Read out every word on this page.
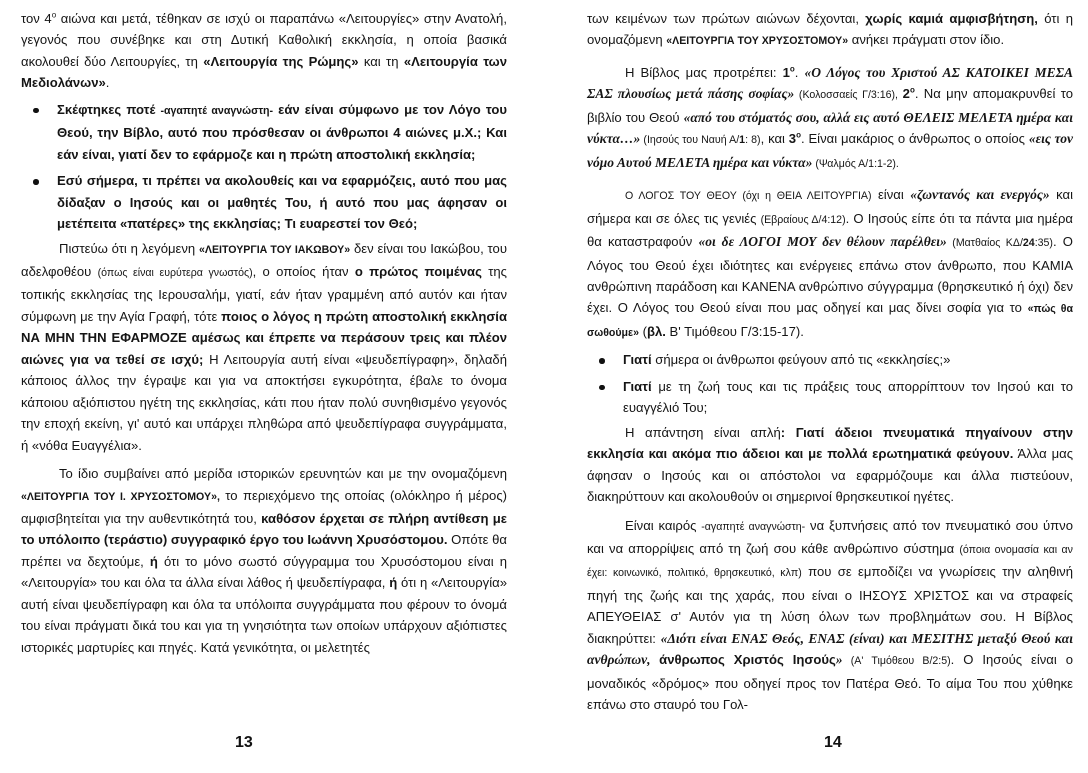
τον $4^o$ αιώνα και μετά, τέθηκαν σε ισχύ οι παραπάνω «Λειτουργίες» στην Ανατολή, γεγονός που συνέβηκε και στη Δυτική Καθολική εκκλησία, η οποία βασικά ακολουθεί δύο Λειτουργίες, τη «Λειτουργία της Ρώμης» και τη «Λειτουργία των Μεδιολάνων».

Σκέφτηκες ποτέ -αγαπητέ αναγνώστη- εάν είναι σύμφωνο με τον Λόγο του Θεού, την Βίβλο, αυτό που πρόσθεσαν οι άνθρωποι 4 αιώνες μ.Χ.; Και εάν είναι, γιατί δεν το εφάρμοζε και η πρώτη αποστολική εκκλησία;
Εσύ σήμερα, τι πρέπει να ακολουθείς και να εφαρμόζεις, αυτό που μας δίδαξαν ο Ιησούς και οι μαθητές Του, ή αυτό που μας άφησαν οι μετέπειτα «πατέρες» της εκκλησίας; Τι ευαρεστεί τον Θεό;

Πιστεύω ότι η λεγόμενη «ΛΕΙΤΟΥΡΓΙΑ ΤΟΥ ΙΑΚΩΒΟΥ» δεν είναι του Ιακώβου, του αδελφοθέου (όπως είναι ευρύτερα γνωστός), ο οποίος ήταν ο πρώτος ποιμένας της τοπικής εκκλησίας της Ιερουσαλήμ, γιατί, εάν ήταν γραμμένη από αυτόν και ήταν σύμφωνη με την Αγία Γραφή, τότε ποιος ο λόγος η πρώτη αποστολική εκκλησία ΝΑ ΜΗΝ ΤΗΝ ΕΦΑΡΜΟΖΕ αμέσως και έπρεπε να περάσουν τρεις και πλέον αιώνες για να τεθεί σε ισχύ; Η Λειτουργία αυτή είναι «ψευδεπίγραφη», δηλαδή κάποιος άλλος την έγραψε και για να αποκτήσει εγκυρότητα, έβαλε το όνομα κάποιου αξιόπιστου ηγέτη της εκκλησίας, κάτι που ήταν πολύ συνηθισμένο γεγονός την εποχή εκείνη, γι' αυτό και υπάρχει πληθώρα από ψευδεπίγραφα συγγράμματα, ή «νόθα Ευαγγέλια».

Το ίδιο συμβαίνει από μερίδα ιστορικών ερευνητών και με την ονομαζόμενη «ΛΕΙΤΟΥΡΓΙΑ ΤΟΥ Ι. ΧΡΥΣΟΣΤΟΜΟΥ», το περιεχόμενο της οποίας (ολόκληρο ή μέρος) αμφισβητείται για την αυθεντικότητά του, καθόσον έρχεται σε πλήρη αντίθεση με το υπόλοιπο (τεράστιο) συγγραφικό έργο του Ιωάννη Χρυσόστομου. Οπότε θα πρέπει να δεχτούμε, ή ότι το μόνο σωστό σύγγραμμα του Χρυσόστομου είναι η «Λειτουργία» του και όλα τα άλλα είναι λάθος ή ψευδεπίγραφα, ή ότι η «Λειτουργία» αυτή είναι ψευδεπίγραφη και όλα τα υπόλοιπα συγγράμματα που φέρουν το όνομά του είναι πράγματι δικά του και για τη γνησιότητα των οποίων υπάρχουν αξιόπιστες ιστορικές μαρτυρίες και πηγές. Κατά γενικότητα, οι μελετητές

13

των κειμένων των πρώτων αιώνων δέχονται, χωρίς καμιά αμφισβήτηση, ότι η ονομαζόμενη «ΛΕΙΤΟΥΡΓΙΑ ΤΟΥ ΧΡΥΣΟΣΤΟΜΟΥ» ανήκει πράγματι στον ίδιο.

Η Βίβλος μας προτρέπει: $1^o$. «Ο Λόγος του Χριστού ΑΣ ΚΑΤΟΙΚΕΙ ΜΕΣΑ ΣΑΣ πλουσίως μετά πάσης σοφίας» (Κολοσσαείς Γ/3:16), $2^o$. Να μην απομακρυνθεί το βιβλίο του Θεού «από του στόματός σου, αλλά εις αυτό ΘΕΛΕΙΣ ΜΕΛΕΤΑ ημέρα και νύκτα…» (Ιησούς του Ναυή Α/1: 8), και $3^o$. Είναι μακάριος ο άνθρωπος ο οποίος «εις τον νόμο Αυτού ΜΕΛΕΤΑ ημέρα και νύκτα» (Ψαλμός Α/1:1-2).

Ο ΛΟΓΟΣ ΤΟΥ ΘΕΟΥ (όχι η ΘΕΙΑ ΛΕΙΤΟΥΡΓΙΑ) είναι «ζωντανός και ενεργός» και σήμερα και σε όλες τις γενιές (Εβραίους Δ/4:12). Ο Ιησούς είπε ότι τα πάντα μια ημέρα θα καταστραφούν «οι δε ΛΟΓΟΙ ΜΟΥ δεν θέλουν παρέλθει» (Ματθαίος ΚΔ/24:35). Ο Λόγος του Θεού έχει ιδιότητες και ενέργειες επάνω στον άνθρωπο, που ΚΑΜΙΑ ανθρώπινη παράδοση και ΚΑΝΕΝΑ ανθρώπινο σύγγραμμα (θρησκευτικό ή όχι) δεν έχει. Ο Λόγος του Θεού είναι που μας οδηγεί και μας δίνει σοφία για το «πώς θα σωθούμε» (βλ. Β' Τιμόθεου Γ/3:15-17).

Γιατί σήμερα οι άνθρωποι φεύγουν από τις «εκκλησίες;»
Γιατί με τη ζωή τους και τις πράξεις τους απορρίπτουν τον Ιησού και το ευαγγέλιό Του;

Η απάντηση είναι απλή: Γιατί άδειοι πνευματικά πηγαίνουν στην εκκλησία και ακόμα πιο άδειοι και με πολλά ερωτηματικά φεύγουν. Άλλα μας άφησαν ο Ιησούς και οι απόστολοι να εφαρμόζουμε και άλλα πιστεύουν, διακηρύττουν και ακολουθούν οι σημερινοί θρησκευτικοί ηγέτες.

Είναι καιρός -αγαπητέ αναγνώστη- να ξυπνήσεις από τον πνευματικό σου ύπνο και να απορρίψεις από τη ζωή σου κάθε ανθρώπινο σύστημα (όποια ονομασία και αν έχει: κοινωνικό, πολιτικό, θρησκευτικό, κλπ) που σε εμποδίζει να γνωρίσεις την αληθινή πηγή της ζωής και της χαράς, που είναι ο ΙΗΣΟΥΣ ΧΡΙΣΤΟΣ και να στραφείς ΑΠΕΥΘΕΙΑΣ σ' Αυτόν για τη λύση όλων των προβλημάτων σου. Η Βίβλος διακηρύττει: «Διότι είναι ΕΝΑΣ Θεός, ΕΝΑΣ (είναι) και ΜΕΣΙΤΗΣ μεταξύ Θεού και ανθρώπων, άνθρωπος Χριστός Ιησούς» (Α' Τιμόθεου Β/2:5). Ο Ιησούς είναι ο μοναδικός «δρόμος» που οδηγεί προς τον Πατέρα Θεό. Το αίμα Του που χύθηκε επάνω στο σταυρό του Γολ-

14
